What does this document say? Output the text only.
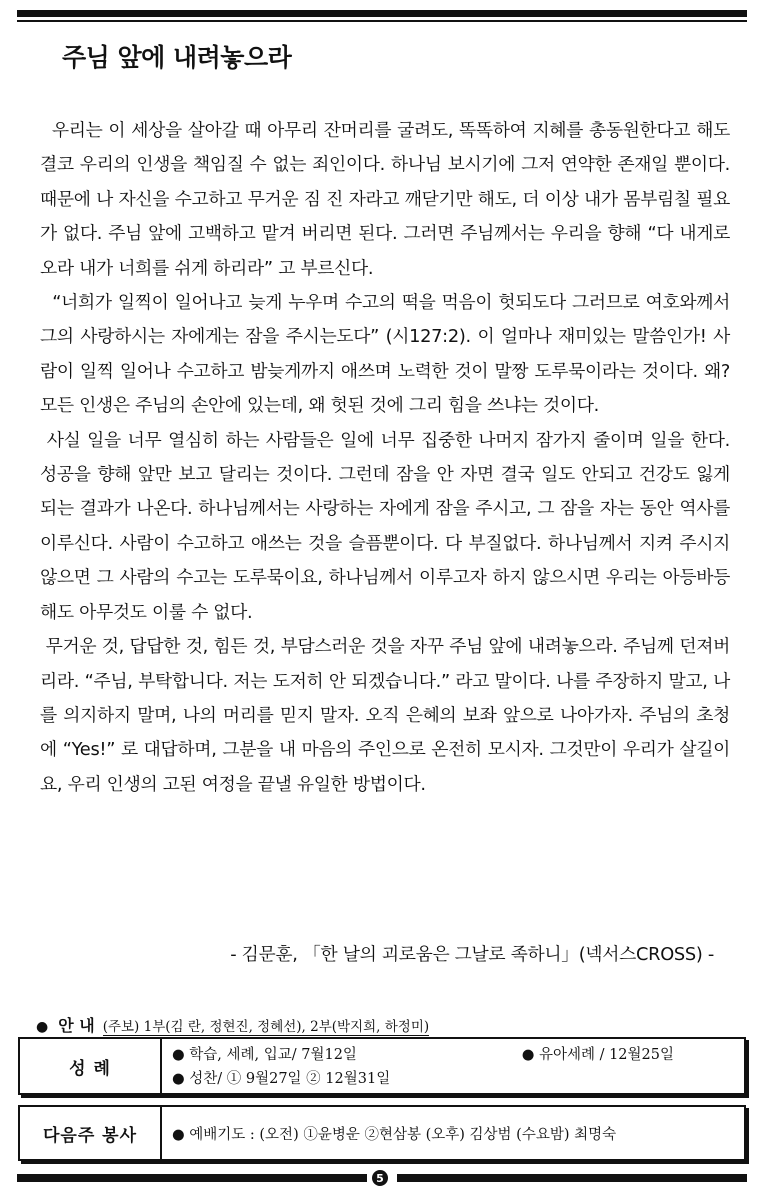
주님 앞에 내려놓으라

우리는 이 세상을 살아갈 때 아무리 잔머리를 굴려도, 똑똑하여 지혜를 총동원한다고 해도 결코 우리의 인생을 책임질 수 없는 죄인이다. 하나님 보시기에 그저 연약한 존재일 뿐이다. 때문에 나 자신을 수고하고 무거운 짐 진 자라고 깨닫기만 해도, 더 이상 내가 몸부림칠 필요가 없다. 주님 앞에 고백하고 맡겨 버리면 된다. 그러면 주님께서는 우리을 향해 “다 내게로 오라 내가 너희를 쉬게 하리라” 고 부르신다.

“너희가 일찍이 일어나고 늦게 누우며 수고의 떡을 먹음이 헛되도다 그러므로 여호와께서 그의 사랑하시는 자에게는 잠을 주시는도다” (시127:2). 이 얼마나 재미있는 말씀인가! 사람이 일찍 일어나 수고하고 밤늦게까지 애쓰며 노력한 것이 말짱 도루묵이라는 것이다. 왜? 모든 인생은 주님의 손안에 있는데, 왜 헛된 것에 그리 힘을 쓰냐는 것이다.

사실 일을 너무 열심히 하는 사람들은 일에 너무 집중한 나머지 잠가지 줄이며 일을 한다. 성공을 향해 앞만 보고 달리는 것이다. 그런데 잠을 안 자면 결국 일도 안되고 건강도 잃게 되는 결과가 나온다. 하나님께서는 사랑하는 자에게 잠을 주시고, 그 잠을 자는 동안 역사를 이루신다. 사람이 수고하고 애쓰는 것을 슬픔뿐이다. 다 부질없다. 하나님께서 지켜 주시지 않으면 그 사람의 수고는 도루묵이요, 하나님께서 이루고자 하지 않으시면 우리는 아등바등해도 아무것도 이룰 수 없다.

무거운 것, 답답한 것, 힘든 것, 부담스러운 것을 자꾸 주님 앞에 내려놓으라. 주님께 던져버리라. “주님, 부탁합니다. 저는 도저히 안 되겠습니다.” 라고 말이다. 나를 주장하지 말고, 나를 의지하지 말며, 나의 머리를 믿지 말자. 오직 은혜의 보좌 앞으로 나아가자. 주님의 초청에 “Yes!” 로 대답하며, 그분을 내 마음의 주인으로 온전히 모시자. 그것만이 우리가 살길이요, 우리 인생의 고된 여정을 끝낼 유일한 방법이다.

- 김문훈, 「한 날의 괴로움은 그날로 족하니」(넥서스CROSS) -
● 안 내 (주보) 1부(김 란, 정현진, 정혜선), 2부(박지희, 하정미)
성 례
● 학습, 세례, 입교/ 7월12일	● 유아세례 / 12월25일
● 성찬/ ① 9월27일 ② 12월31일
다음주 봉사	● 예배기도 : (오전) ①윤병운 ②현삼봉 (오후) 김상범 (수요밤) 최명숙
5
